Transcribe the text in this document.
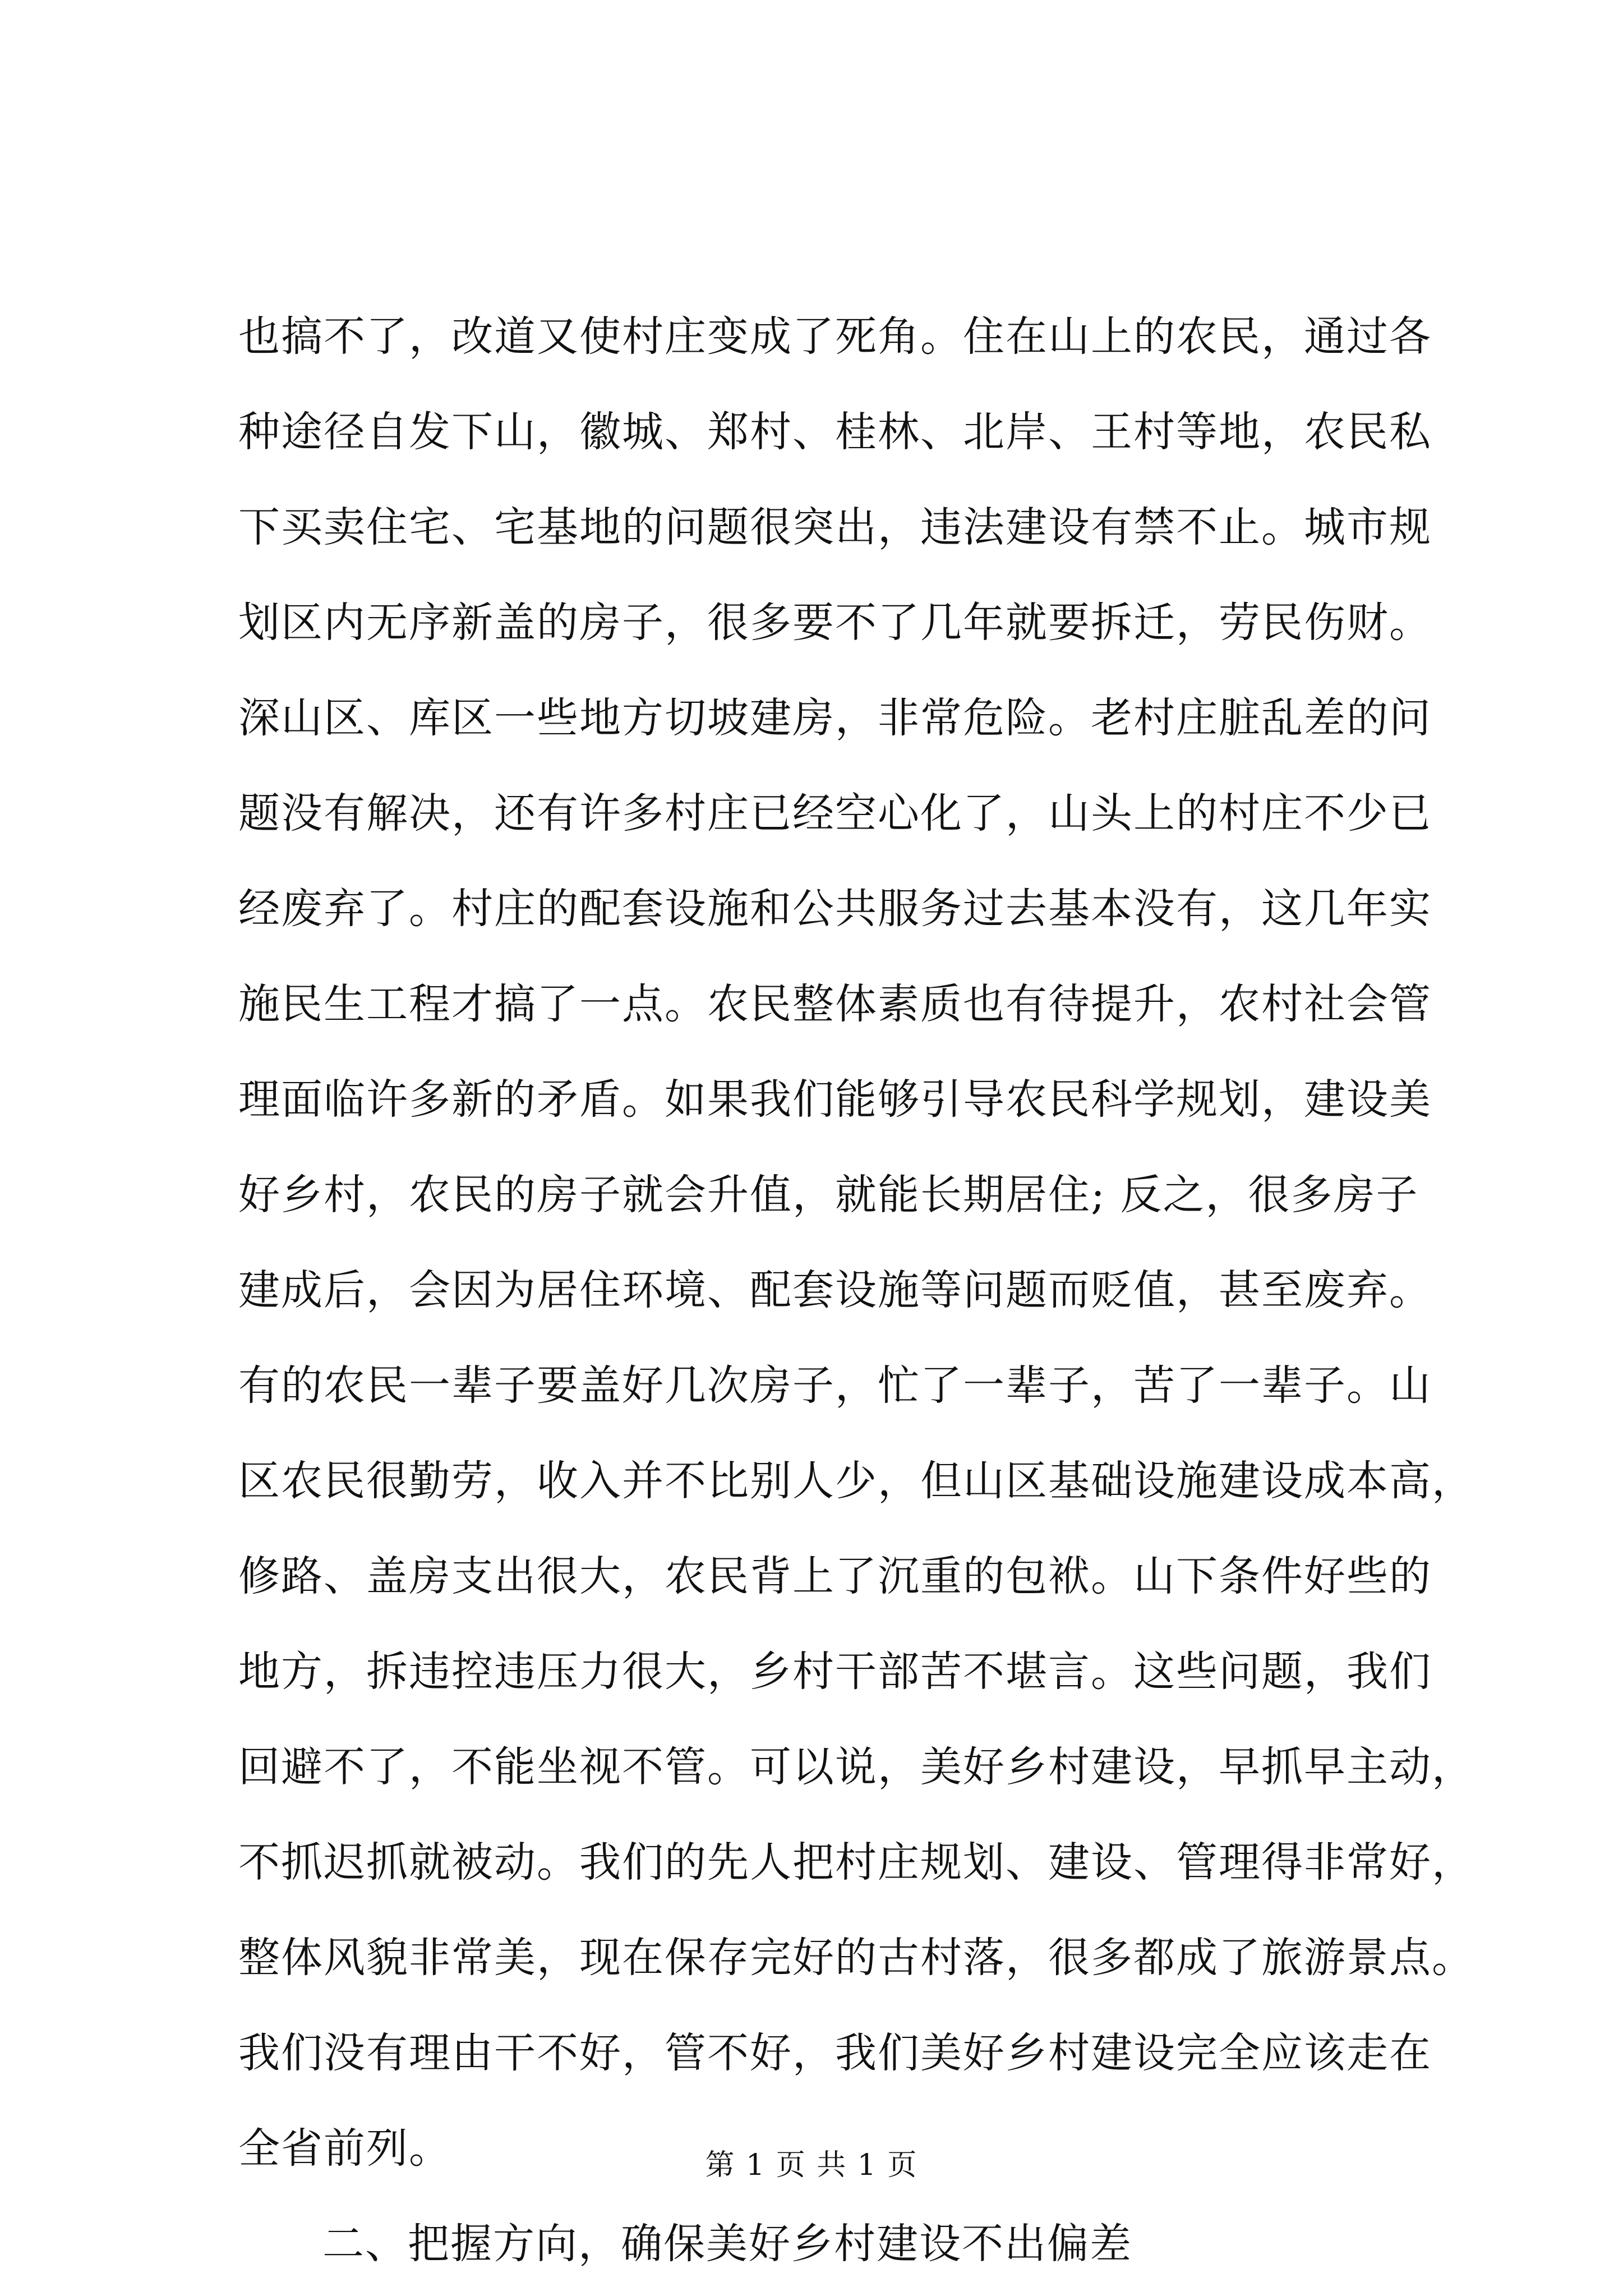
也搞不了，改道又使村庄变成了死角。住在山上的农民，通过各
种途径自发下山，徽城、郑村、桂林、北岸、王村等地，农民私
下买卖住宅、宅基地的问题很突出，违法建设有禁不止。城市规
划区内无序新盖的房子，很多要不了几年就要拆迁，劳民伤财。
深山区、库区一些地方切坡建房，非常危险。老村庄脏乱差的问
题没有解决，还有许多村庄已经空心化了，山头上的村庄不少已
经废弃了。村庄的配套设施和公共服务过去基本没有，这几年实
施民生工程才搞了一点。农民整体素质也有待提升，农村社会管
理面临许多新的矛盾。如果我们能够引导农民科学规划，建设美
好乡村，农民的房子就会升值，就能长期居住; 反之，很多房子
建成后，会因为居住环境、配套设施等问题而贬值，甚至废弃。
有的农民一辈子要盖好几次房子，忙了一辈子，苦了一辈子。山
区农民很勤劳，收入并不比别人少，但山区基础设施建设成本高，
修路、盖房支出很大，农民背上了沉重的包袱。山下条件好些的
地方，拆违控违压力很大，乡村干部苦不堪言。这些问题，我们
回避不了，不能坐视不管。可以说，美好乡村建设，早抓早主动，
不抓迟抓就被动。我们的先人把村庄规划、建设、管理得非常好，
整体风貌非常美，现在保存完好的古村落，很多都成了旅游景点。
我们没有理由干不好，管不好，我们美好乡村建设完全应该走在
全省前列。
二、把握方向，确保美好乡村建设不出偏差
第 1 页 共 1 页
